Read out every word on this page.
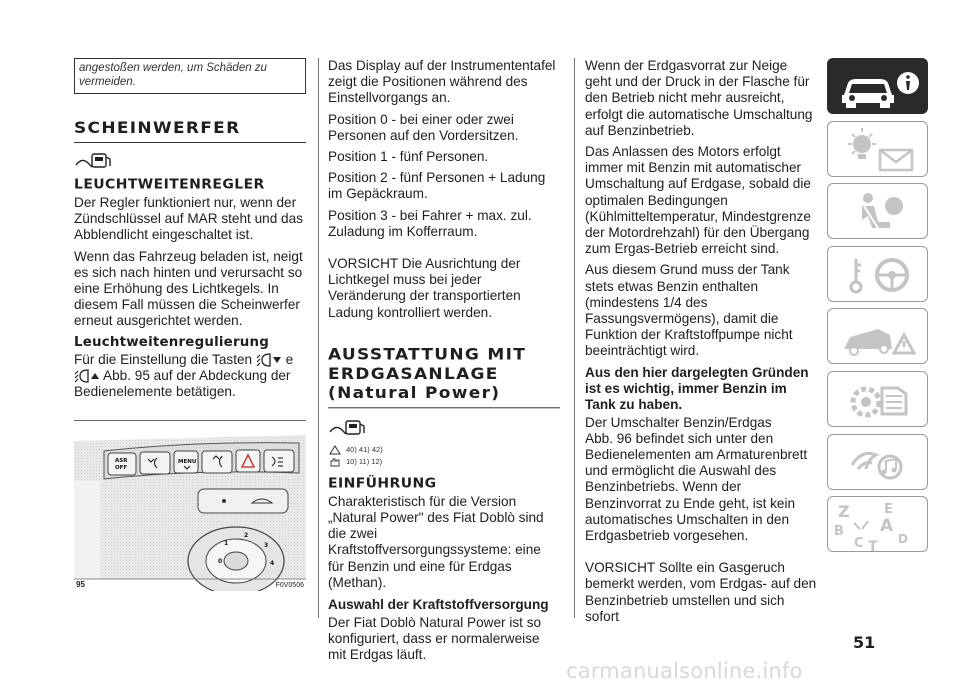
angestoßen werden, um Schäden zu vermeiden.
SCHEINWERFER
LEUCHTWEITENREGLER

Der Regler funktioniert nur, wenn der Zündschlüssel auf MAR steht und das Abblendlicht eingeschaltet ist.

Wenn das Fahrzeug beladen ist, neigt es sich nach hinten und verursacht so eine Erhöhung des Lichtkegels. In diesem Fall müssen die Scheinwerfer erneut ausgerichtet werden.

Leuchtweitenregulierung

Für die Einstellung die Tasten e  Abb. 95 auf der Abdeckung der Bedienelemente betätigen.

ASR
OFF
MENU
1
2
3
4
0
95	F0V0506

Das Display auf der Instrumententafel zeigt die Positionen während des Einstellvorgangs an.

Position 0 - bei einer oder zwei Personen auf den Vordersitzen.

Position 1 - fünf Personen.

Position 2 - fünf Personen + Ladung im Gepäckraum.

Position 3 - bei Fahrer + max. zul. Zuladung im Kofferraum.

VORSICHT Die Ausrichtung der Lichtkegel muss bei jeder Veränderung der transportierten Ladung kontrolliert werden.

AUSSTATTUNG MIT ERDGASANLAGE (Natural Power)
40) 41) 42)
10) 11) 12)
EINFÜHRUNG

Charakteristisch für die Version „Natural Power" des Fiat Doblò sind die zwei Kraftstoffversorgungssysteme: eine für Benzin und eine für Erdgas (Methan).

Auswahl der Kraftstoffversorgung

Der Fiat Doblò Natural Power ist so konfiguriert, dass er normalerweise mit Erdgas läuft.

Wenn der Erdgasvorrat zur Neige geht und der Druck in der Flasche für den Betrieb nicht mehr ausreicht, erfolgt die automatische Umschaltung auf Benzinbetrieb.

Das Anlassen des Motors erfolgt immer mit Benzin mit automatischer Umschaltung auf Erdgase, sobald die optimalen Bedingungen (Kühlmitteltemperatur, Mindestgrenze der Motordrehzahl) für den Übergang zum Ergas-Betrieb erreicht sind.

Aus diesem Grund muss der Tank stets etwas Benzin enthalten (mindestens 1/4 des Fassungsvermögens), damit die Funktion der Kraftstoffpumpe nicht beeinträchtigt wird.

Aus den hier dargelegten Gründen ist es wichtig, immer Benzin im Tank zu haben.

Der Umschalter Benzin/Erdgas

Abb. 96 befindet sich unter den Bedienelementen am Armaturenbrett und ermöglicht die Auswahl des Benzinbetriebs. Wenn der Benzinvorrat zu Ende geht, ist kein automatisches Umschalten in den Erdgasbetrieb vorgesehen.

VORSICHT Sollte ein Gasgeruch bemerkt werden, vom Erdgas- auf den Benzinbetrieb umstellen und sich sofort

Z	E
B A
C T D
51
carmanualsonline.info
